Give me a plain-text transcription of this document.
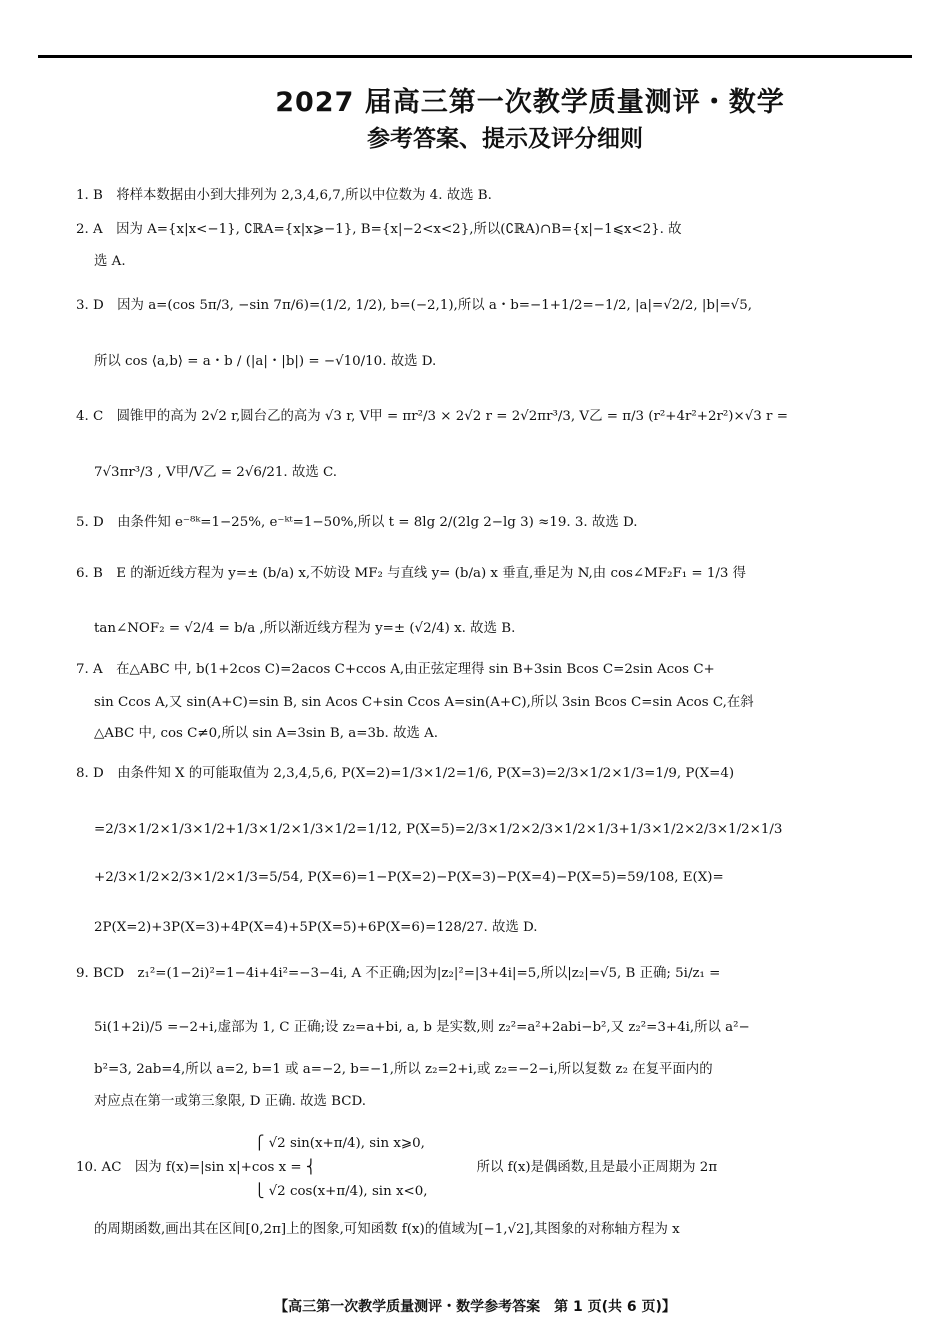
2027 届高三第一次教学质量测评・数学
参考答案、提示及评分细则
1. B　将样本数据由小到大排列为 2,3,4,6,7,所以中位数为 4. 故选 B.
2. A　因为 A={x|x<−1}, ∁ℝA={x|x⩾−1}, B={x|−2<x<2},所以(∁ℝA)∩B={x|−1⩽x<2}. 故
选 A.
3. D　因为 a=(cos 5π/3, −sin 7π/6)=(1/2, 1/2), b=(−2,1),所以 a・b=−1+1/2=−1/2, |a|=√2/2, |b|=√5,
所以 cos ⟨a,b⟩ = a・b / (|a|・|b|) = −√10/10. 故选 D.
4. C　圆锥甲的高为 2√2 r,圆台乙的高为 √3 r, V甲 = πr²/3 × 2√2 r = 2√2πr³/3, V乙 = π/3 (r²+4r²+2r²)×√3 r =
7√3πr³/3 , V甲/V乙 = 2√6/21. 故选 C.
5. D　由条件知 e⁻⁸ᵏ=1−25%, e⁻ᵏᵗ=1−50%,所以 t = 8lg 2/(2lg 2−lg 3) ≈19. 3. 故选 D.
6. B　E 的渐近线方程为 y=± (b/a) x,不妨设 MF₂ 与直线 y= (b/a) x 垂直,垂足为 N,由 cos∠MF₂F₁ = 1/3 得
tan∠NOF₂ = √2/4 = b/a ,所以渐近线方程为 y=± (√2/4) x. 故选 B.
7. A　在△ABC 中, b(1+2cos C)=2acos C+ccos A,由正弦定理得 sin B+3sin Bcos C=2sin Acos C+
sin Ccos A,又 sin(A+C)=sin B, sin Acos C+sin Ccos A=sin(A+C),所以 3sin Bcos C=sin Acos C,在斜
△ABC 中, cos C≠0,所以 sin A=3sin B, a=3b. 故选 A.
8. D　由条件知 X 的可能取值为 2,3,4,5,6, P(X=2)=1/3×1/2=1/6, P(X=3)=2/3×1/2×1/3=1/9, P(X=4)
=2/3×1/2×1/3×1/2+1/3×1/2×1/3×1/2=1/12, P(X=5)=2/3×1/2×2/3×1/2×1/3+1/3×1/2×2/3×1/2×1/3
+2/3×1/2×2/3×1/2×1/3=5/54, P(X=6)=1−P(X=2)−P(X=3)−P(X=4)−P(X=5)=59/108, E(X)=
2P(X=2)+3P(X=3)+4P(X=4)+5P(X=5)+6P(X=6)=128/27. 故选 D.
9. BCD　z₁²=(1−2i)²=1−4i+4i²=−3−4i, A 不正确;因为|z₂|²=|3+4i|=5,所以|z₂|=√5, B 正确; 5i/z₁ =
5i(1+2i)/5 =−2+i,虚部为 1, C 正确;设 z₂=a+bi, a, b 是实数,则 z₂²=a²+2abi−b²,又 z₂²=3+4i,所以 a²−
b²=3, 2ab=4,所以 a=2, b=1 或 a=−2, b=−1,所以 z₂=2+i,或 z₂=−2−i,所以复数 z₂ 在复平面内的
对应点在第一或第三象限, D 正确. 故选 BCD.
　　　　　　　　　　　　　 ⎧ √2 sin(x+π/4), sin x⩾0,
10. AC　因为 f(x)=|sin x|+cos x = ⎨　　　　　　　　　　　　所以 f(x)是偶函数,且是最小正周期为 2π
　　　　　　　　　　　　　 ⎩ √2 cos(x+π/4), sin x<0,
的周期函数,画出其在区间[0,2π]上的图象,可知函数 f(x)的值域为[−1,√2],其图象的对称轴方程为 x
【高三第一次教学质量测评・数学参考答案　第 1 页(共 6 页)】
